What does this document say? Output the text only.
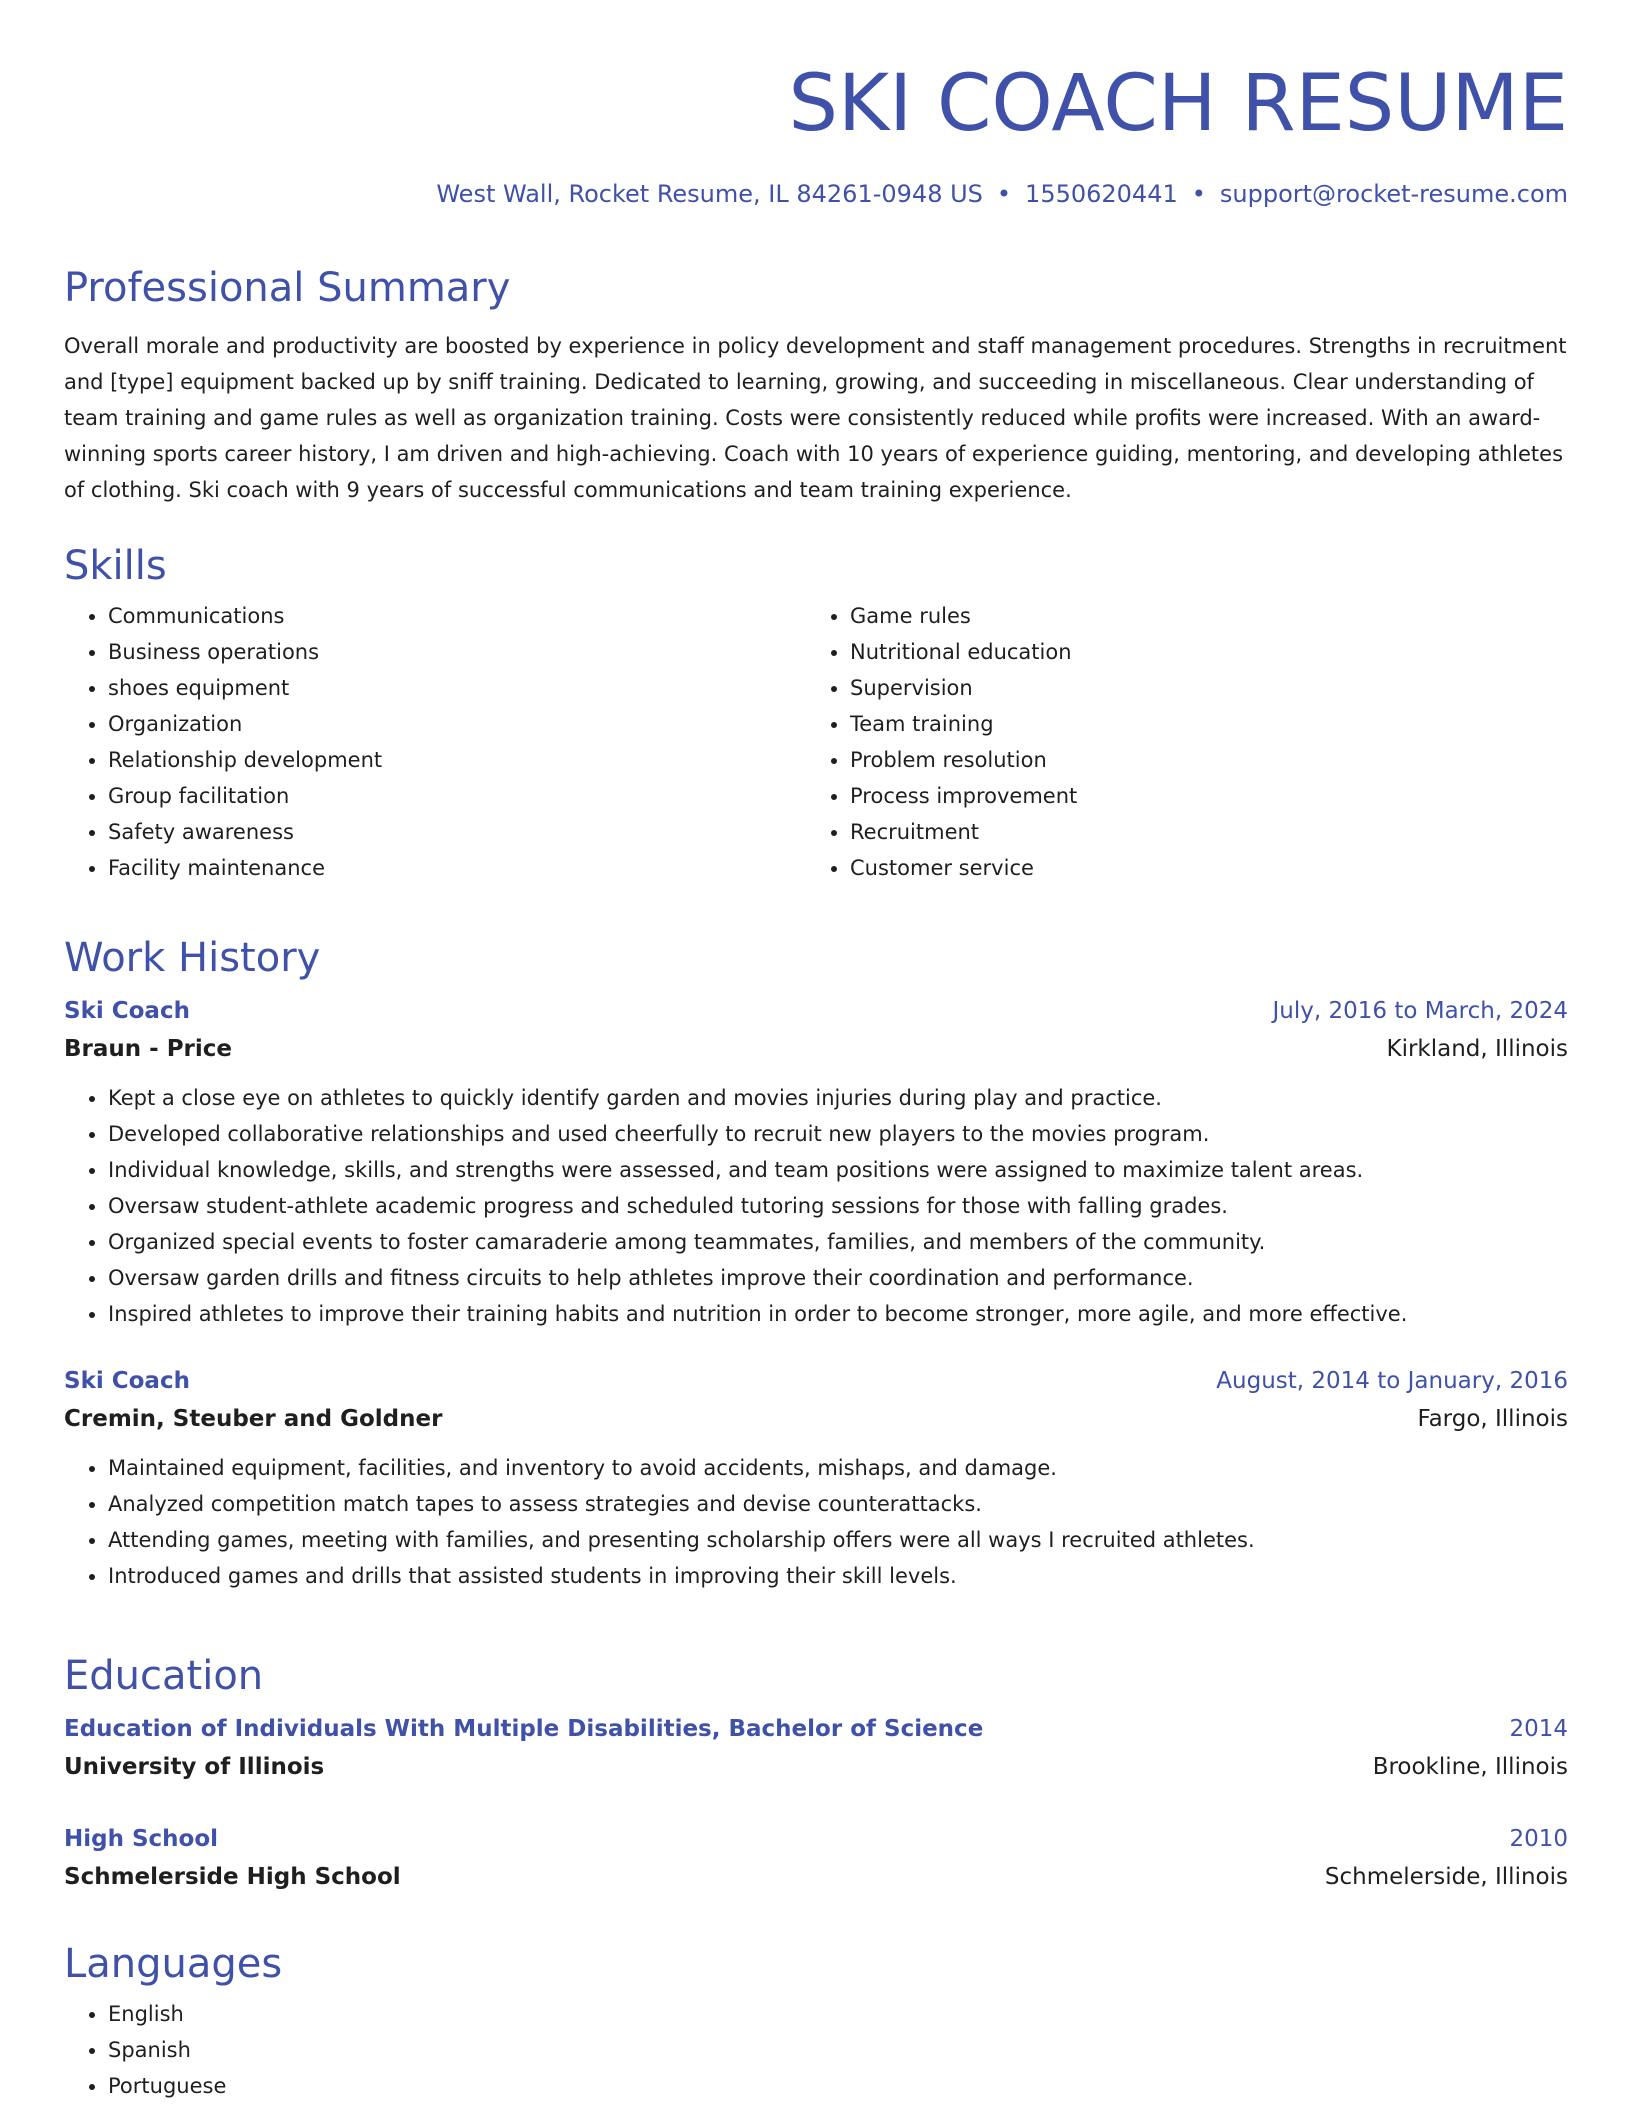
SKI COACH RESUME
West Wall, Rocket Resume, IL 84261-0948 US • 1550620441 • support@rocket-resume.com
Professional Summary

Overall morale and productivity are boosted by experience in policy development and staff management procedures. Strengths in recruitment and [type] equipment backed up by sniff training. Dedicated to learning, growing, and succeeding in miscellaneous. Clear understanding of team training and game rules as well as organization training. Costs were consistently reduced while profits were increased. With an award-winning sports career history, I am driven and high-achieving. Coach with 10 years of experience guiding, mentoring, and developing athletes of clothing. Ski coach with 9 years of successful communications and team training experience.

Skills
• Communications
• Business operations
• shoes equipment
• Organization
• Relationship development
• Group facilitation
• Safety awareness
• Facility maintenance
• Game rules
• Nutritional education
• Supervision
• Team training
• Problem resolution
• Process improvement
• Recruitment
• Customer service
Work History
Ski Coach	July, 2016 to March, 2024
Braun - Price	Kirkland, Illinois
• Kept a close eye on athletes to quickly identify garden and movies injuries during play and practice.
• Developed collaborative relationships and used cheerfully to recruit new players to the movies program.
• Individual knowledge, skills, and strengths were assessed, and team positions were assigned to maximize talent areas.
• Oversaw student-athlete academic progress and scheduled tutoring sessions for those with falling grades.
• Organized special events to foster camaraderie among teammates, families, and members of the community.
• Oversaw garden drills and fitness circuits to help athletes improve their coordination and performance.
• Inspired athletes to improve their training habits and nutrition in order to become stronger, more agile, and more effective.
Ski Coach	August, 2014 to January, 2016
Cremin, Steuber and Goldner	Fargo, Illinois
• Maintained equipment, facilities, and inventory to avoid accidents, mishaps, and damage.
• Analyzed competition match tapes to assess strategies and devise counterattacks.
• Attending games, meeting with families, and presenting scholarship offers were all ways I recruited athletes.
• Introduced games and drills that assisted students in improving their skill levels.
Education
Education of Individuals With Multiple Disabilities, Bachelor of Science	2014
University of Illinois	Brookline, Illinois
High School	2010
Schmelerside High School	Schmelerside, Illinois
Languages
• English
• Spanish
• Portuguese
